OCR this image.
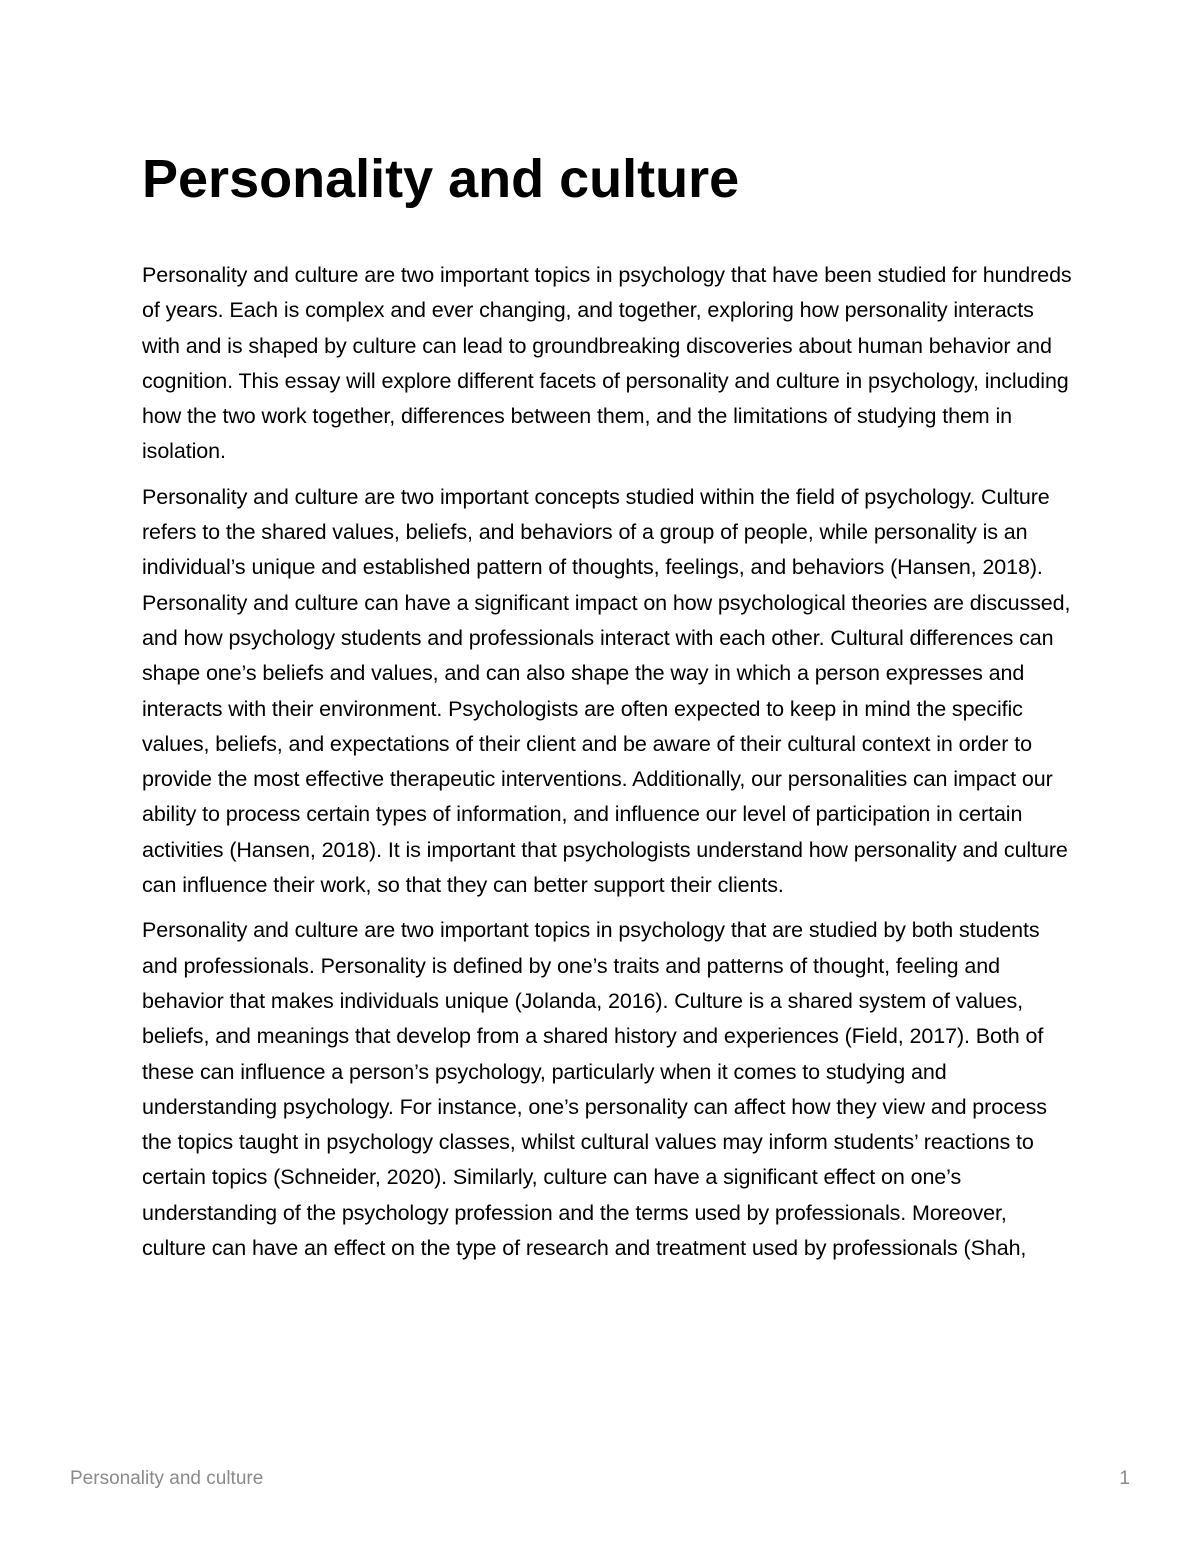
Personality and culture

Personality and culture are two important topics in psychology that have been studied for hundreds of years. Each is complex and ever changing, and together, exploring how personality interacts with and is shaped by culture can lead to groundbreaking discoveries about human behavior and cognition. This essay will explore different facets of personality and culture in psychology, including how the two work together, differences between them, and the limitations of studying them in isolation.

Personality and culture are two important concepts studied within the field of psychology. Culture refers to the shared values, beliefs, and behaviors of a group of people, while personality is an individual’s unique and established pattern of thoughts, feelings, and behaviors (Hansen, 2018). Personality and culture can have a significant impact on how psychological theories are discussed, and how psychology students and professionals interact with each other. Cultural differences can shape one’s beliefs and values, and can also shape the way in which a person expresses and interacts with their environment. Psychologists are often expected to keep in mind the specific values, beliefs, and expectations of their client and be aware of their cultural context in order to provide the most effective therapeutic interventions. Additionally, our personalities can impact our ability to process certain types of information, and influence our level of participation in certain activities (Hansen, 2018). It is important that psychologists understand how personality and culture can influence their work, so that they can better support their clients.

Personality and culture are two important topics in psychology that are studied by both students and professionals. Personality is defined by one’s traits and patterns of thought, feeling and behavior that makes individuals unique (Jolanda, 2016). Culture is a shared system of values, beliefs, and meanings that develop from a shared history and experiences (Field, 2017). Both of these can influence a person’s psychology, particularly when it comes to studying and understanding psychology. For instance, one’s personality can affect how they view and process the topics taught in psychology classes, whilst cultural values may inform students’ reactions to certain topics (Schneider, 2020). Similarly, culture can have a significant effect on one’s understanding of the psychology profession and the terms used by professionals. Moreover, culture can have an effect on the type of research and treatment used by professionals (Shah,

Personality and culture	1
